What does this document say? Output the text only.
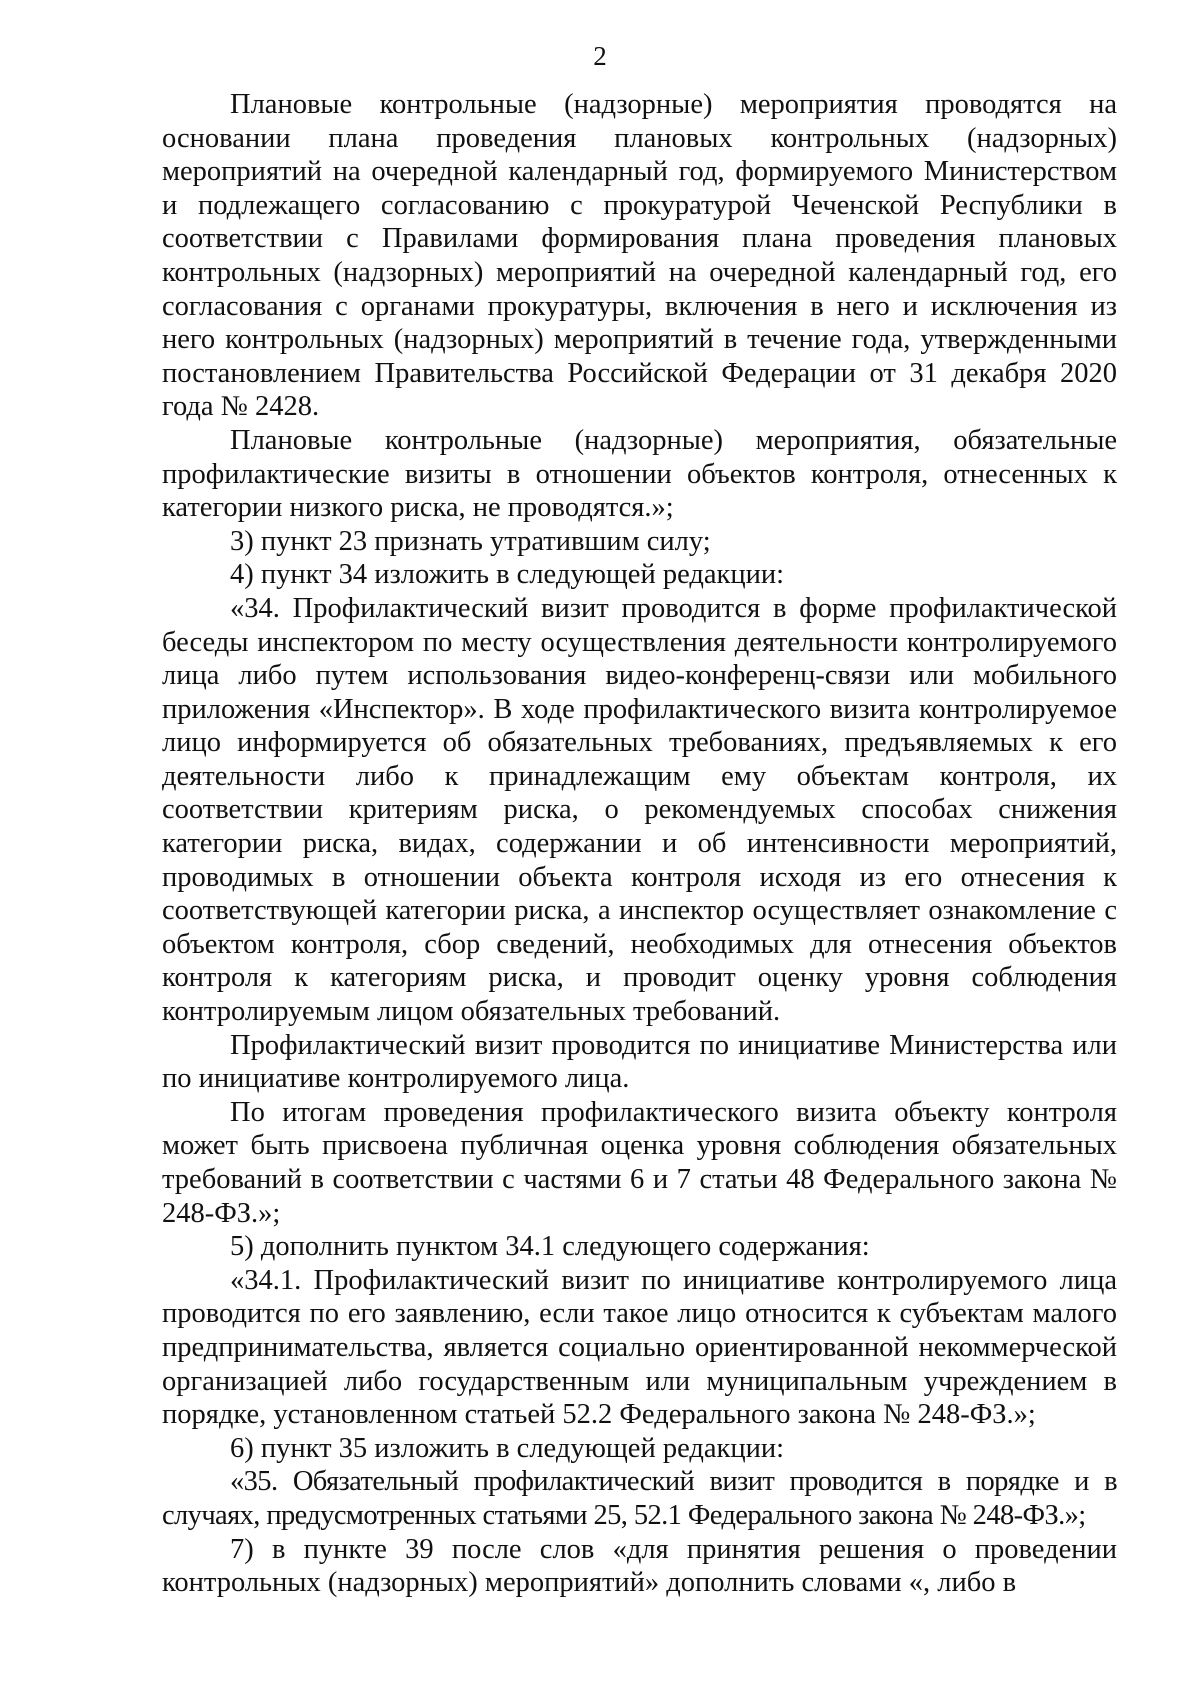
2

Плановые контрольные (надзорные) мероприятия проводятся на основании плана проведения плановых контрольных (надзорных) мероприятий на очередной календарный год, формируемого Министерством и подлежащего согласованию с прокуратурой Чеченской Республики в соответствии с Правилами формирования плана проведения плановых контрольных (надзорных) мероприятий на очередной календарный год, его согласования с органами прокуратуры, включения в него и исключения из него контрольных (надзорных) мероприятий в течение года, утвержденными постановлением Правительства Российской Федерации от 31 декабря 2020 года № 2428.

Плановые контрольные (надзорные) мероприятия, обязательные профилактические визиты в отношении объектов контроля, отнесенных к категории низкого риска, не проводятся.»;

3) пункт 23 признать утратившим силу;

4) пункт 34 изложить в следующей редакции:

«34. Профилактический визит проводится в форме профилактической беседы инспектором по месту осуществления деятельности контролируемого лица либо путем использования видео-конференц-связи или мобильного приложения «Инспектор». В ходе профилактического визита контролируемое лицо информируется об обязательных требованиях, предъявляемых к его деятельности либо к принадлежащим ему объектам контроля, их соответствии критериям риска, о рекомендуемых способах снижения категории риска, видах, содержании и об интенсивности мероприятий, проводимых в отношении объекта контроля исходя из его отнесения к соответствующей категории риска, а инспектор осуществляет ознакомление с объектом контроля, сбор сведений, необходимых для отнесения объектов контроля к категориям риска, и проводит оценку уровня соблюдения контролируемым лицом обязательных требований.

Профилактический визит проводится по инициативе Министерства или по инициативе контролируемого лица.

По итогам проведения профилактического визита объекту контроля может быть присвоена публичная оценка уровня соблюдения обязательных требований в соответствии с частями 6 и 7 статьи 48 Федерального закона № 248-ФЗ.»;

5) дополнить пунктом 34.1 следующего содержания:

«34.1. Профилактический визит по инициативе контролируемого лица проводится по его заявлению, если такое лицо относится к субъектам малого предпринимательства, является социально ориентированной некоммерческой организацией либо государственным или муниципальным учреждением в порядке, установленном статьей 52.2 Федерального закона № 248-ФЗ.»;

6) пункт 35 изложить в следующей редакции:

«35. Обязательный профилактический визит проводится в порядке и в случаях, предусмотренных статьями 25, 52.1 Федерального закона № 248-ФЗ.»;

7) в пункте 39 после слов «для принятия решения о проведении контрольных (надзорных) мероприятий» дополнить словами «, либо в
